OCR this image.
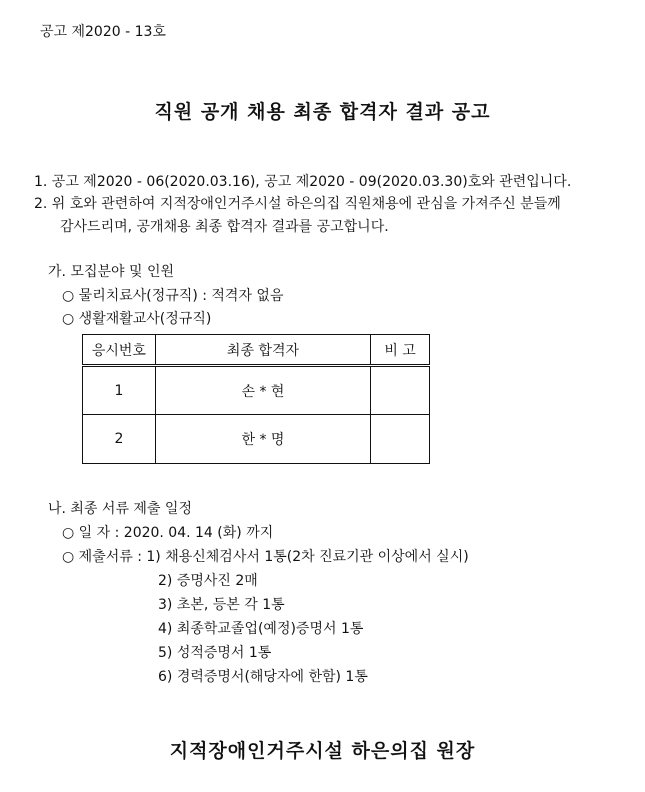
공고 제2020 - 13호
직원 공개 채용 최종 합격자 결과 공고
1. 공고 제2020 - 06(2020.03.16), 공고 제2020 - 09(2020.03.30)호와 관련입니다.
2. 위 호와 관련하여 지적장애인거주시설 하은의집 직원채용에 관심을 가져주신 분들께
감사드리며, 공개채용 최종 합격자 결과를 공고합니다.
가. 모집분야 및 인원
○ 물리치료사(정규직) : 적격자 없음
○ 생활재활교사(정규직)
응시번호	최종 합격자	비 고
1	손 * 현	
2	한 * 명	
나. 최종 서류 제출 일정
○ 일 자 : 2020. 04. 14 (화) 까지
○ 제출서류 : 1) 채용신체검사서 1통(2차 진료기관 이상에서 실시)
2) 증명사진 2매
3) 초본, 등본 각 1통
4) 최종학교졸업(예정)증명서 1통
5) 성적증명서 1통
6) 경력증명서(해당자에 한함) 1통
지적장애인거주시설 하은의집 원장
